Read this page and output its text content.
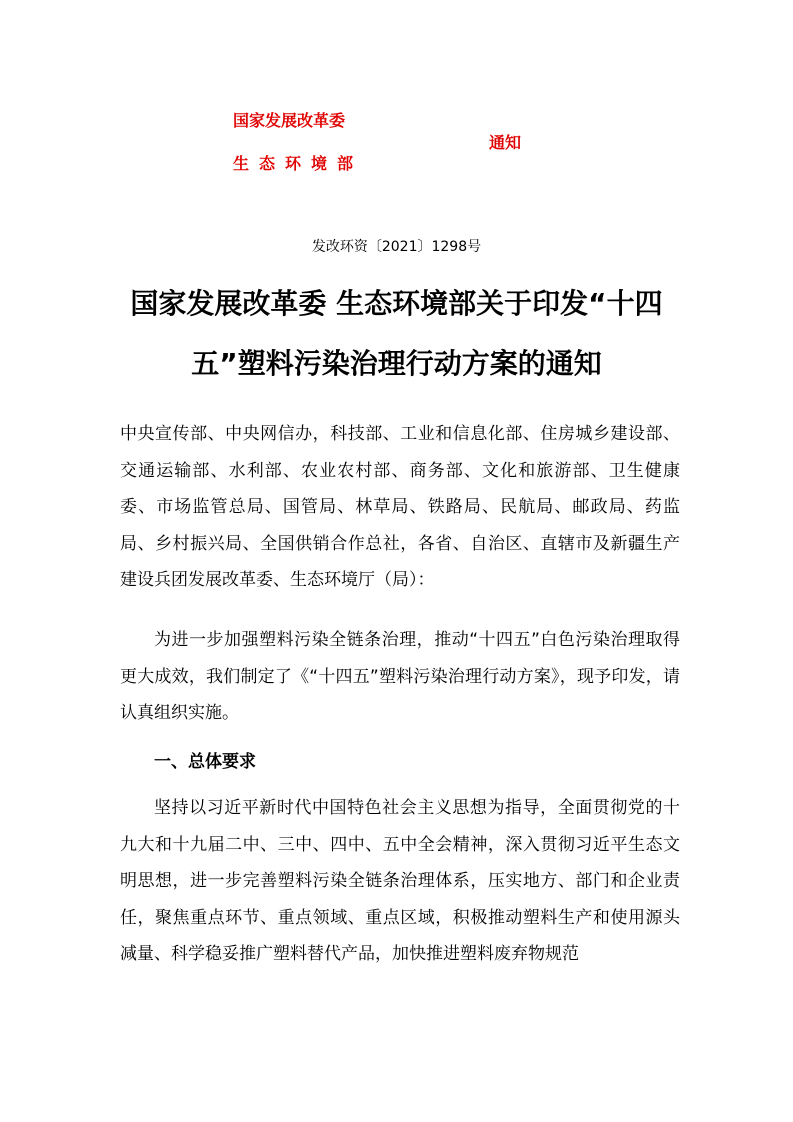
国家发展改革委
生态环境部
通知
发改环资〔2021〕1298号
国家发展改革委 生态环境部关于印发“十四
五”塑料污染治理行动方案的通知
中央宣传部、中央网信办，科技部、工业和信息化部、住房城乡建设部、交通运输部、水利部、农业农村部、商务部、文化和旅游部、卫生健康委、市场监管总局、国管局、林草局、铁路局、民航局、邮政局、药监局、乡村振兴局、全国供销合作总社，各省、自治区、直辖市及新疆生产建设兵团发展改革委、生态环境厅（局）：
为进一步加强塑料污染全链条治理，推动“十四五”白色污染治理取得更大成效，我们制定了《“十四五”塑料污染治理行动方案》，现予印发，请认真组织实施。
一、总体要求
坚持以习近平新时代中国特色社会主义思想为指导，全面贯彻党的十九大和十九届二中、三中、四中、五中全会精神，深入贯彻习近平生态文明思想，进一步完善塑料污染全链条治理体系，压实地方、部门和企业责任，聚焦重点环节、重点领域、重点区域，积极推动塑料生产和使用源头减量、科学稳妥推广塑料替代产品，加快推进塑料废弃物规范
